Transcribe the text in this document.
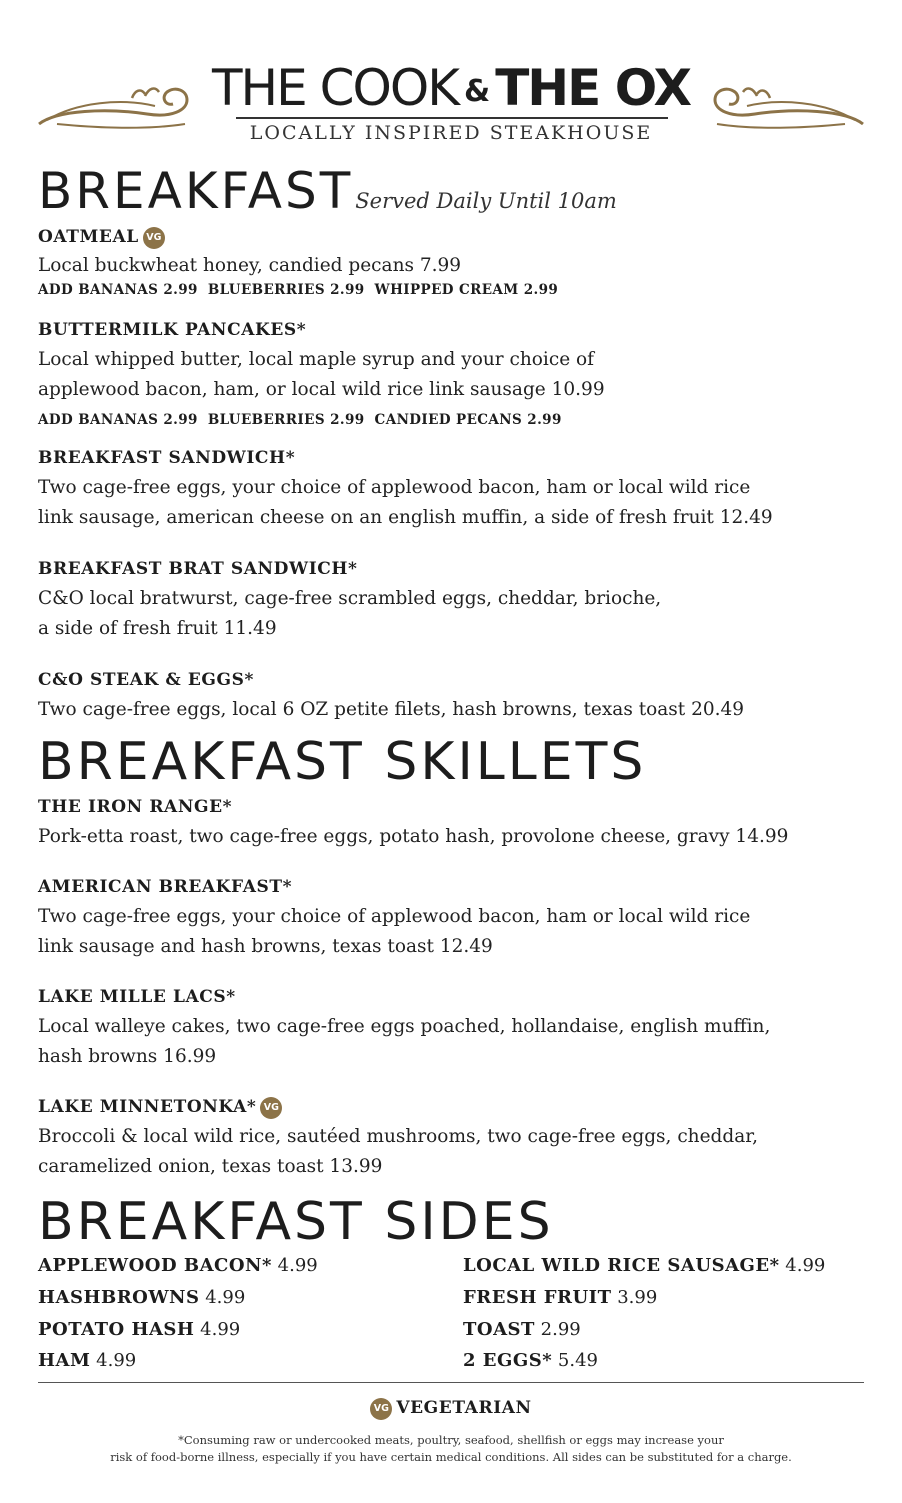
THE COOK & THE OX
LOCALLY INSPIRED STEAKHOUSE
BREAKFASTServed Daily Until 10am
OATMEAL VG
Local buckwheat honey, candied pecans 7.99
ADD BANANAS 2.99 BLUEBERRIES 2.99 WHIPPED CREAM 2.99
BUTTERMILK PANCAKES*
Local whipped butter, local maple syrup and your choice of
applewood bacon, ham, or local wild rice link sausage 10.99
ADD BANANAS 2.99 BLUEBERRIES 2.99 CANDIED PECANS 2.99
BREAKFAST SANDWICH*
Two cage-free eggs, your choice of applewood bacon, ham or local wild rice
link sausage, american cheese on an english muffin, a side of fresh fruit 12.49
BREAKFAST BRAT SANDWICH*
C&O local bratwurst, cage-free scrambled eggs, cheddar, brioche,
a side of fresh fruit 11.49
C&O STEAK & EGGS*
Two cage-free eggs, local 6 OZ petite filets, hash browns, texas toast 20.49
BREAKFAST SKILLETS
THE IRON RANGE*
Pork-etta roast, two cage-free eggs, potato hash, provolone cheese, gravy 14.99
AMERICAN BREAKFAST*
Two cage-free eggs, your choice of applewood bacon, ham or local wild rice
link sausage and hash browns, texas toast 12.49
LAKE MILLE LACS*
Local walleye cakes, two cage-free eggs poached, hollandaise, english muffin,
hash browns 16.99
LAKE MINNETONKA* VG
Broccoli & local wild rice, sautéed mushrooms, two cage-free eggs, cheddar,
caramelized onion, texas toast 13.99
BREAKFAST SIDES
APPLEWOOD BACON* 4.99
HASHBROWNS 4.99
POTATO HASH 4.99
HAM 4.99
LOCAL WILD RICE SAUSAGE* 4.99
FRESH FRUIT 3.99
TOAST 2.99
2 EGGS* 5.49
VG VEGETARIAN
*Consuming raw or undercooked meats, poultry, seafood, shellfish or eggs may increase your
risk of food-borne illness, especially if you have certain medical conditions. All sides can be substituted for a charge.
